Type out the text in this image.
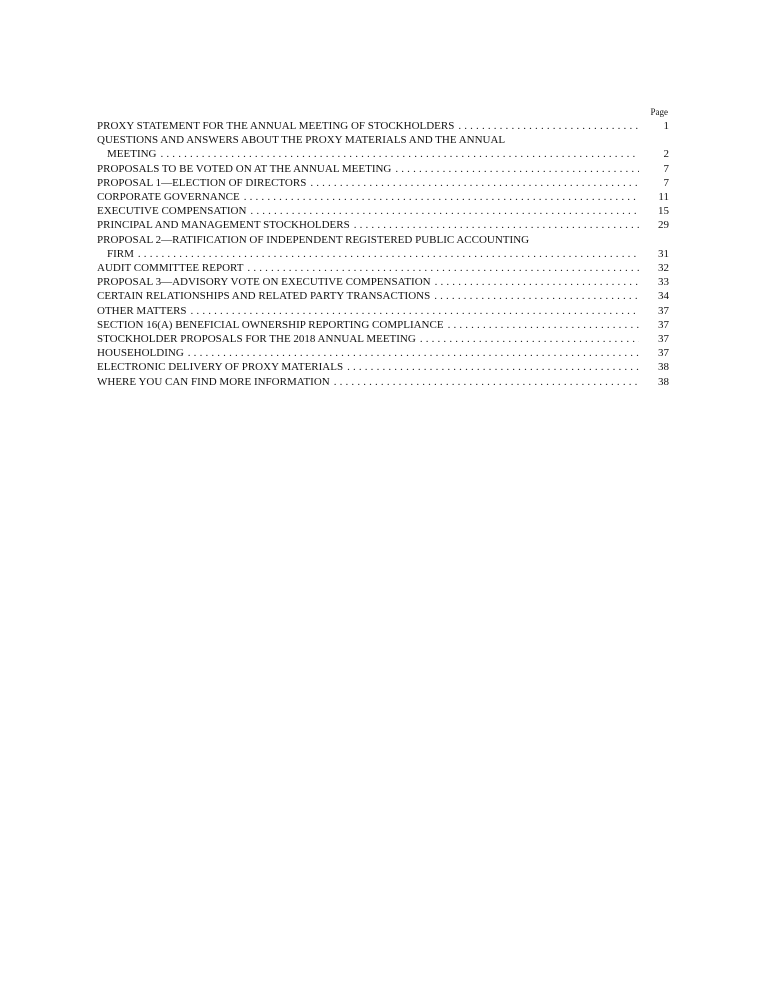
Page
PROXY STATEMENT FOR THE ANNUAL MEETING OF STOCKHOLDERS . . .	1
QUESTIONS AND ANSWERS ABOUT THE PROXY MATERIALS AND THE ANNUAL
MEETING . . .	2
PROPOSALS TO BE VOTED ON AT THE ANNUAL MEETING . . .	7
PROPOSAL 1—ELECTION OF DIRECTORS . . .	7
CORPORATE GOVERNANCE . . .	11
EXECUTIVE COMPENSATION . . .	15
PRINCIPAL AND MANAGEMENT STOCKHOLDERS . . .	29
PROPOSAL 2—RATIFICATION OF INDEPENDENT REGISTERED PUBLIC ACCOUNTING
FIRM . . .	31
AUDIT COMMITTEE REPORT . . .	32
PROPOSAL 3—ADVISORY VOTE ON EXECUTIVE COMPENSATION . . .	33
CERTAIN RELATIONSHIPS AND RELATED PARTY TRANSACTIONS . . .	34
OTHER MATTERS . . .	37
SECTION 16(A) BENEFICIAL OWNERSHIP REPORTING COMPLIANCE . . .	37
STOCKHOLDER PROPOSALS FOR THE 2018 ANNUAL MEETING . . .	37
HOUSEHOLDING . . .	37
ELECTRONIC DELIVERY OF PROXY MATERIALS . . .	38
WHERE YOU CAN FIND MORE INFORMATION . . .	38
